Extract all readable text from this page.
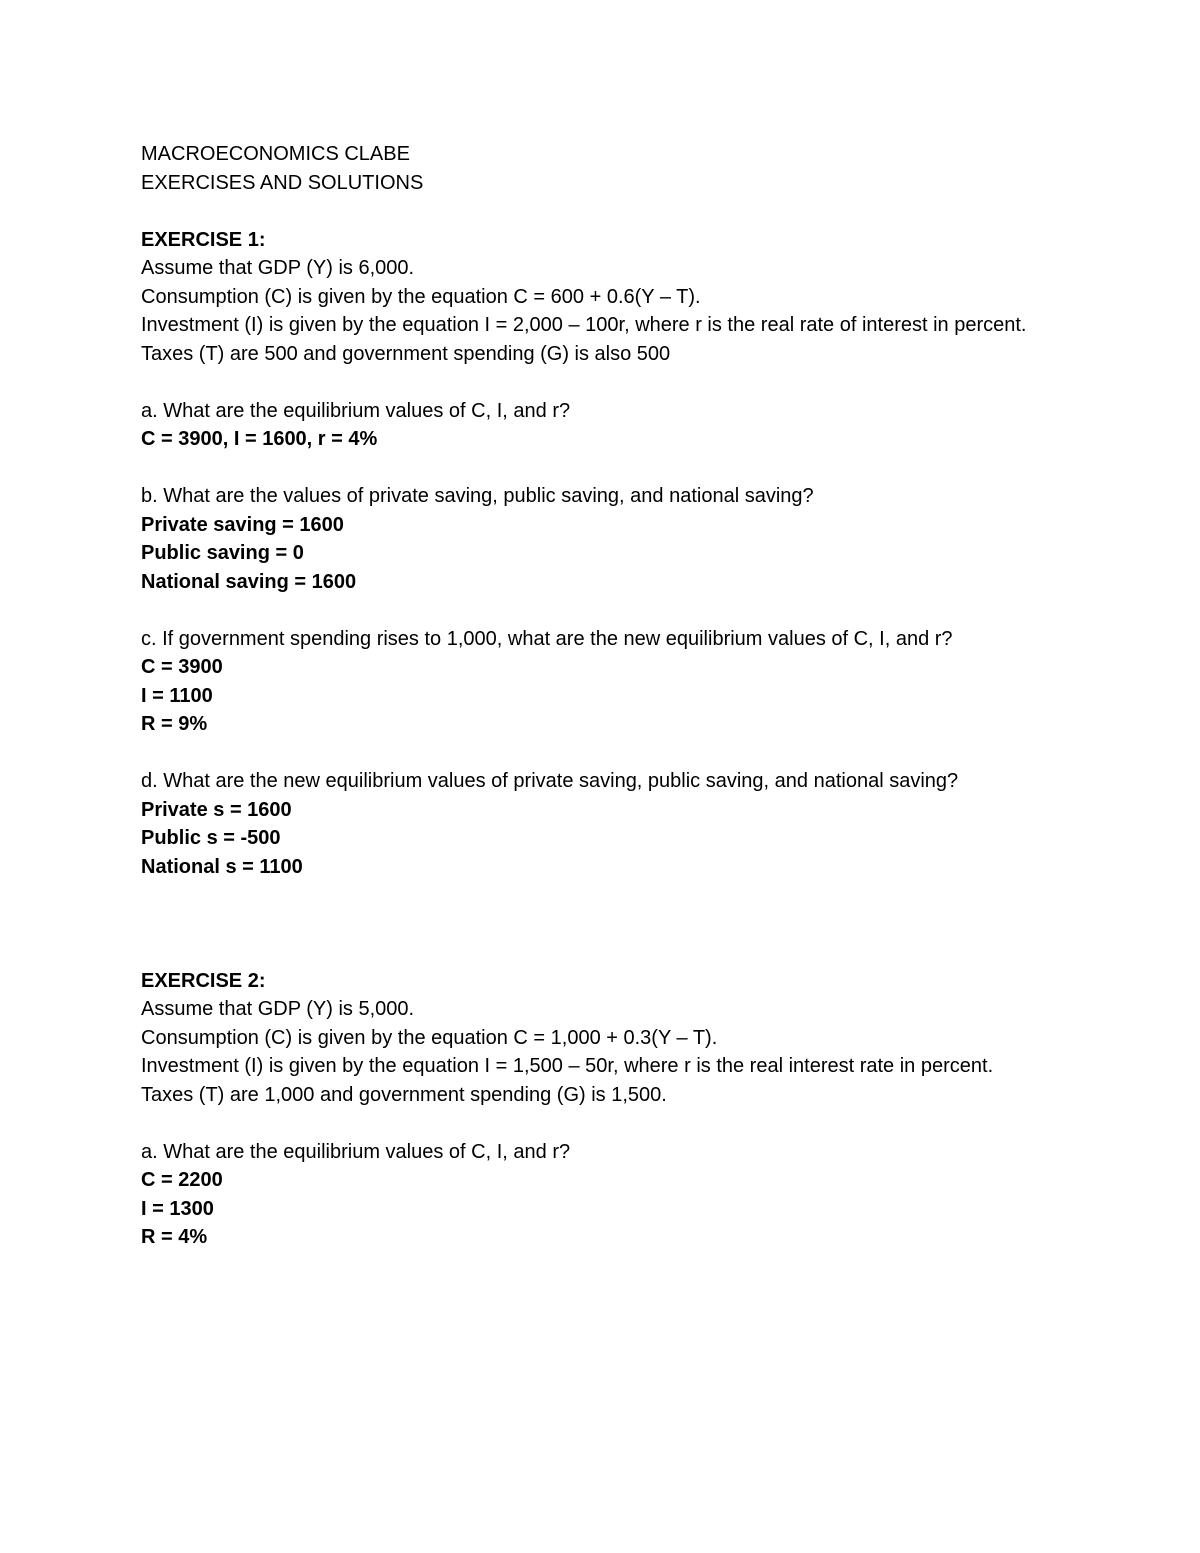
MACROECONOMICS CLABE

EXERCISES AND SOLUTIONS

EXERCISE 1:

Assume that GDP (Y) is 6,000.

Consumption (C) is given by the equation C = 600 + 0.6(Y – T).

Investment (I) is given by the equation I = 2,000 – 100r, where r is the real rate of interest in percent.

Taxes (T) are 500 and government spending (G) is also 500

a. What are the equilibrium values of C, I, and r?

C = 3900, I = 1600, r = 4%

b. What are the values of private saving, public saving, and national saving?

Private saving = 1600

Public saving = 0

National saving = 1600

c. If government spending rises to 1,000, what are the new equilibrium values of C, I, and r?

C = 3900

I = 1100

R = 9%

d. What are the new equilibrium values of private saving, public saving, and national saving?

Private s = 1600

Public s = -500

National s = 1100

EXERCISE 2:

Assume that GDP (Y) is 5,000.

Consumption (C) is given by the equation C = 1,000 + 0.3(Y – T).

Investment (I) is given by the equation I = 1,500 – 50r, where r is the real interest rate in percent.

Taxes (T) are 1,000 and government spending (G) is 1,500.

a. What are the equilibrium values of C, I, and r?

C = 2200

I = 1300

R = 4%
